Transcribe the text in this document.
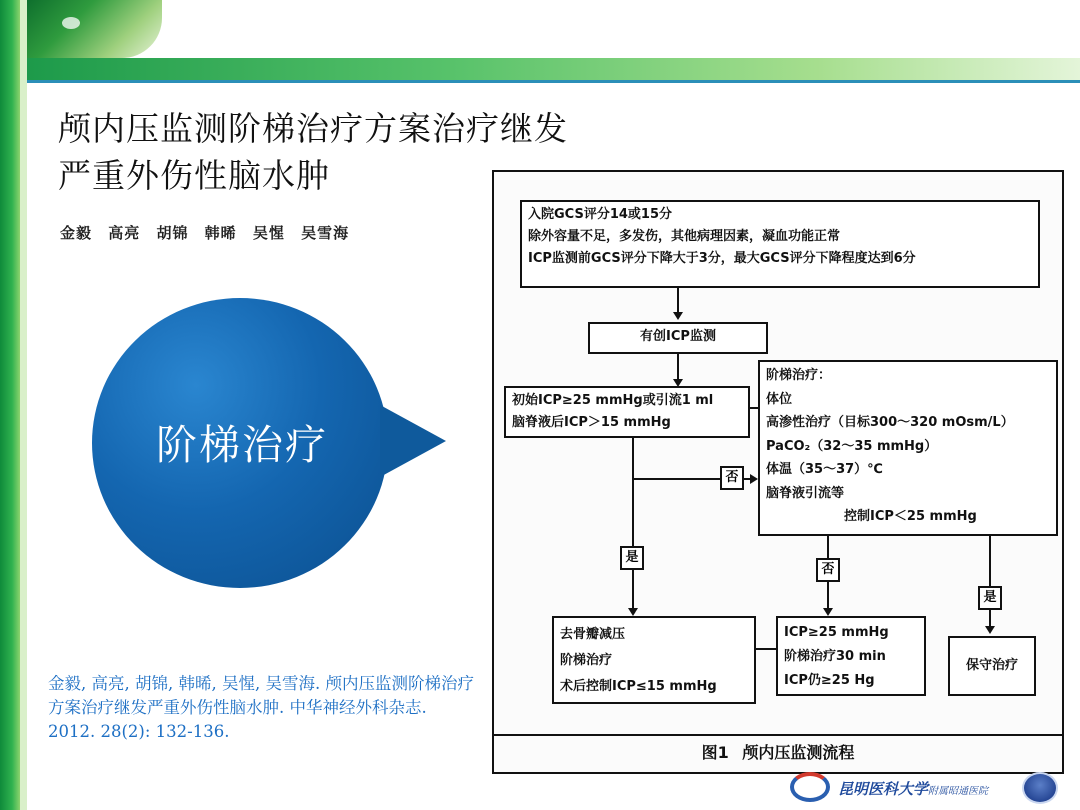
颅内压监测阶梯治疗方案治疗继发
严重外伤性脑水肿
金毅 高亮 胡锦 韩晞 吴惺 吴雪海
阶梯治疗
金毅, 高亮, 胡锦, 韩晞, 吴惺, 吴雪海. 颅内压监测阶梯治疗方案治疗继发严重外伤性脑水肿. 中华神经外科杂志. 2012. 28(2): 132-136.
入院GCS评分14或15分
除外容量不足，多发伤，其他病理因素，凝血功能正常
ICP监测前GCS评分下降大于3分，最大GCS评分下降程度达到6分
有创ICP监测
初始ICP≥25 mmHg或引流1 ml
脑脊液后ICP＞15 mmHg
阶梯治疗：
体位
高渗性治疗（目标300～320 mOsm/L）
PaCO₂（32～35 mmHg）
体温（35～37）℃
脑脊液引流等
控制ICP＜25 mmHg
否
是
否
是
去骨瓣减压
阶梯治疗
术后控制ICP≤15 mmHg
ICP≥25 mmHg
阶梯治疗30 min
ICP仍≥25 Hg
保守治疗
图1 颅内压监测流程
昆明医科大学附属昭通医院
